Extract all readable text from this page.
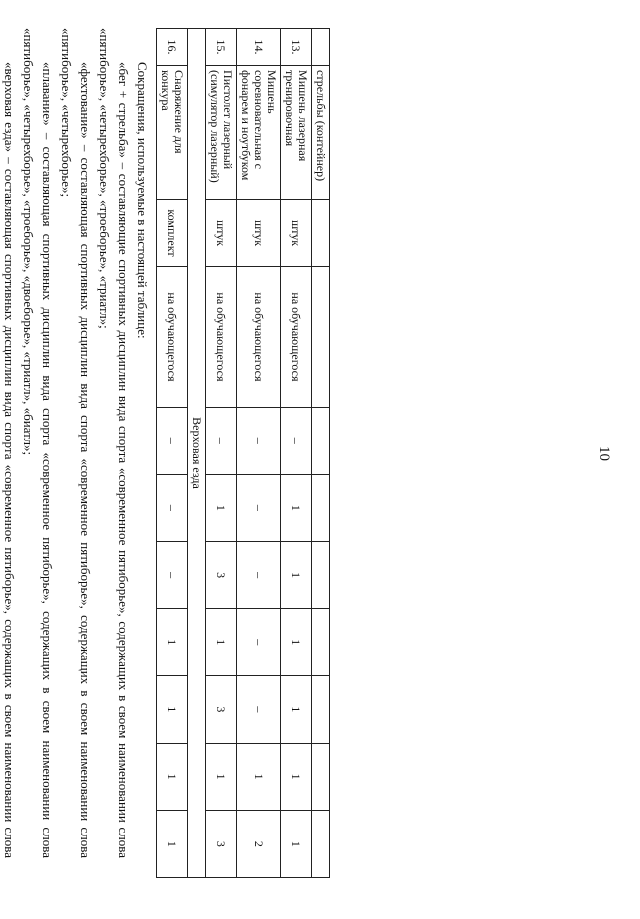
10
	стрельбы (контейнер)									
13.	Мишень лазерная тренировочная	штук	на обучающегося	–	1	1	1	1	1	1
14.	Мишень соревновательная с фонарем и ноутбуком	штук	на обучающегося	–	–	–	–	–	1	2
15.	Пистолет лазерный (симулятор лазерный)	штук	на обучающегося	–	1	3	1	3	1	3
Верховая езда										
16.	Снаряжение для конкура	комплект	на обучающегося	–	–	–	1	1	1	1

Сокращения, используемые в настоящей таблице:

«бег + стрельба» – составляющие спортивных дисциплин вида спорта «современное пятиборье», содержащих в своем наименовании слова «пятиборье», «четырехборье», «троеборье», «триатл»;

«фехтование» – составляющая спортивных дисциплин вида спорта «современное пятиборье», содержащих в своем наименовании слова «пятиборье», «четырехборье»;

«плавание» – составляющая спортивных дисциплин вида спорта «современное пятиборье», содержащих в своем наименовании слова «пятиборье», «четырехборье», «троеборье», «двоеборье», «триатл», «биатл»;

«верховая езда» – составляющая спортивных дисциплин вида спорта «современное пятиборье», содержащих в своем наименовании слова
